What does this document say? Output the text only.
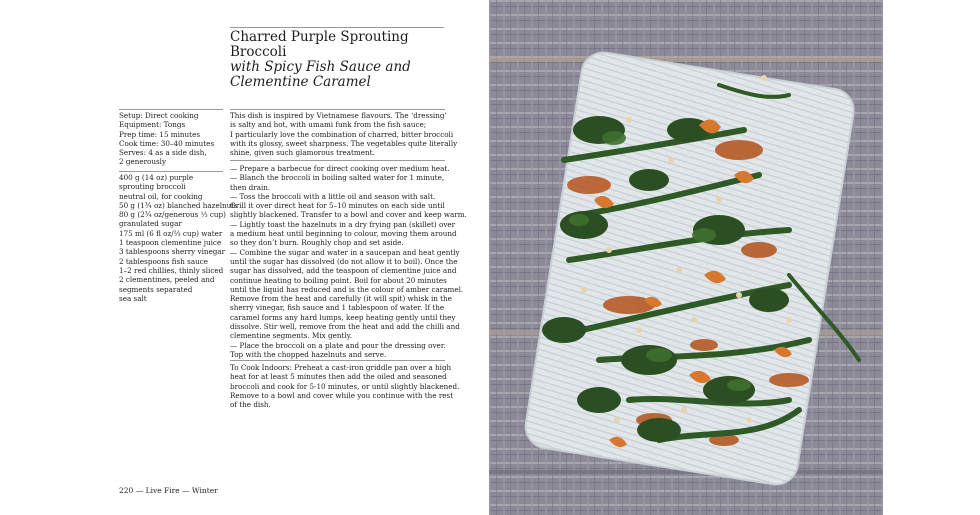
Charred Purple Sprouting Broccoli
with Spicy Fish Sauce and
Clementine Caramel
Setup: Direct cooking
Equipment: Tongs
Prep time: 15 minutes
Cook time: 30–40 minutes
Serves: 4 as a side dish,
2 generously
400 g (14 oz) purple
sprouting broccoli
neutral oil, for cooking
50 g (1¾ oz) blanched hazelnuts
80 g (2¾ oz/generous ⅓ cup)
granulated sugar
175 ml (6 fl oz/⅔ cup) water
1 teaspoon clementine juice
3 tablespoons sherry vinegar
2 tablespoons fish sauce
1–2 red chillies, thinly sliced
2 clementines, peeled and
segments separated
sea salt
This dish is inspired by Vietnamese flavours. The ‘dressing’
is salty and hot, with umami funk from the fish sauce;
I particularly love the combination of charred, bitter broccoli
with its glossy, sweet sharpness. The vegetables quite literally
shine, given such glamorous treatment.
— Prepare a barbecue for direct cooking over medium heat.
— Blanch the broccoli in boiling salted water for 1 minute,
then drain.
— Toss the broccoli with a little oil and season with salt.
Grill it over direct heat for 5–10 minutes on each side until
slightly blackened. Transfer to a bowl and cover and keep warm.
— Lightly toast the hazelnuts in a dry frying pan (skillet) over
a medium heat until beginning to colour, moving them around
so they don’t burn. Roughly chop and set aside.
— Combine the sugar and water in a saucepan and heat gently
until the sugar has dissolved (do not allow it to boil). Once the
sugar has dissolved, add the teaspoon of clementine juice and
continue heating to boiling point. Boil for about 20 minutes
until the liquid has reduced and is the colour of amber caramel.
Remove from the heat and carefully (it will spit) whisk in the
sherry vinegar, fish sauce and 1 tablespoon of water. If the
caramel forms any hard lumps, keep heating gently until they
dissolve. Stir well, remove from the heat and add the chilli and
clementine segments. Mix gently.
— Place the broccoli on a plate and pour the dressing over.
Top with the chopped hazelnuts and serve.
To Cook Indoors: Preheat a cast-iron griddle pan over a high
heat for at least 5 minutes then add the oiled and seasoned
broccoli and cook for 5-10 minutes, or until slightly blackened.
Remove to a bowl and cover while you continue with the rest
of the dish.
220 — Live Fire — Winter
